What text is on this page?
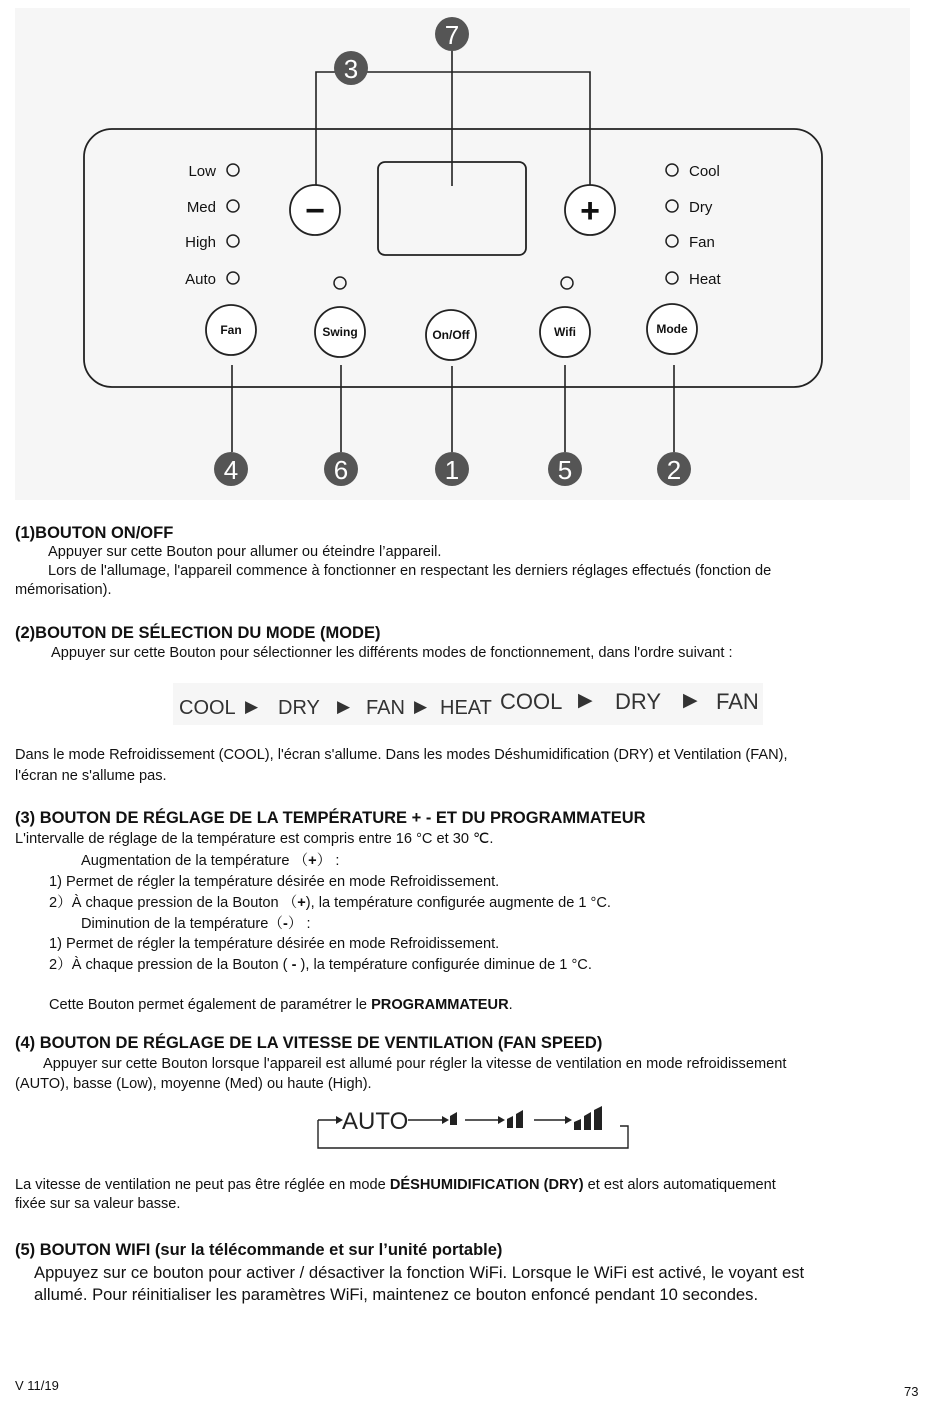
7
3
4	6	1	5	2
Low
Med
High
Auto
Cool
Dry
Fan
Heat
−	+
Fan	Swing	On/Off	Wifi	Mode
(1)BOUTON ON/OFF

Appuyer sur cette Bouton pour allumer ou éteindre l’appareil.

Lors de l'allumage, l'appareil commence à fonctionner en respectant les derniers réglages effectués (fonction de

mémorisation).

(2)BOUTON DE SÉLECTION DU MODE (MODE)

Appuyer sur cette Bouton pour sélectionner les différents modes de fonctionnement, dans l'ordre suivant :

COOL ▶ DRY ▶ FAN ▶ HEAT COOL ▶ DRY ▶ FAN

Dans le mode Refroidissement (COOL), l'écran s'allume. Dans les modes Déshumidification (DRY) et Ventilation (FAN),

l'écran ne s'allume pas.

(3) BOUTON DE RÉGLAGE DE LA TEMPÉRATURE + - ET DU PROGRAMMATEUR

L'intervalle de réglage de la température est compris entre 16 °C et 30 ℃.

Augmentation de la température （+） :

1) Permet de régler la température désirée en mode Refroidissement.

2）À chaque pression de la Bouton （+), la température configurée augmente de 1 °C.

Diminution de la température（-） :

1) Permet de régler la température désirée en mode Refroidissement.

2）À chaque pression de la Bouton ( - ), la température configurée diminue de 1 °C.

Cette Bouton permet également de paramétrer le PROGRAMMATEUR.

(4) BOUTON DE RÉGLAGE DE LA VITESSE DE VENTILATION (FAN SPEED)

Appuyer sur cette Bouton lorsque l'appareil est allumé pour régler la vitesse de ventilation en mode refroidissement

(AUTO), basse (Low), moyenne (Med) ou haute (High).

AUTO

La vitesse de ventilation ne peut pas être réglée en mode DÉSHUMIDIFICATION (DRY) et est alors automatiquement

fixée sur sa valeur basse.

(5) BOUTON WIFI (sur la télécommande et sur l’unité portable)

Appuyez sur ce bouton pour activer / désactiver la fonction WiFi. Lorsque le WiFi est activé, le voyant est

allumé. Pour réinitialiser les paramètres WiFi, maintenez ce bouton enfoncé pendant 10 secondes.

V 11/19	73
